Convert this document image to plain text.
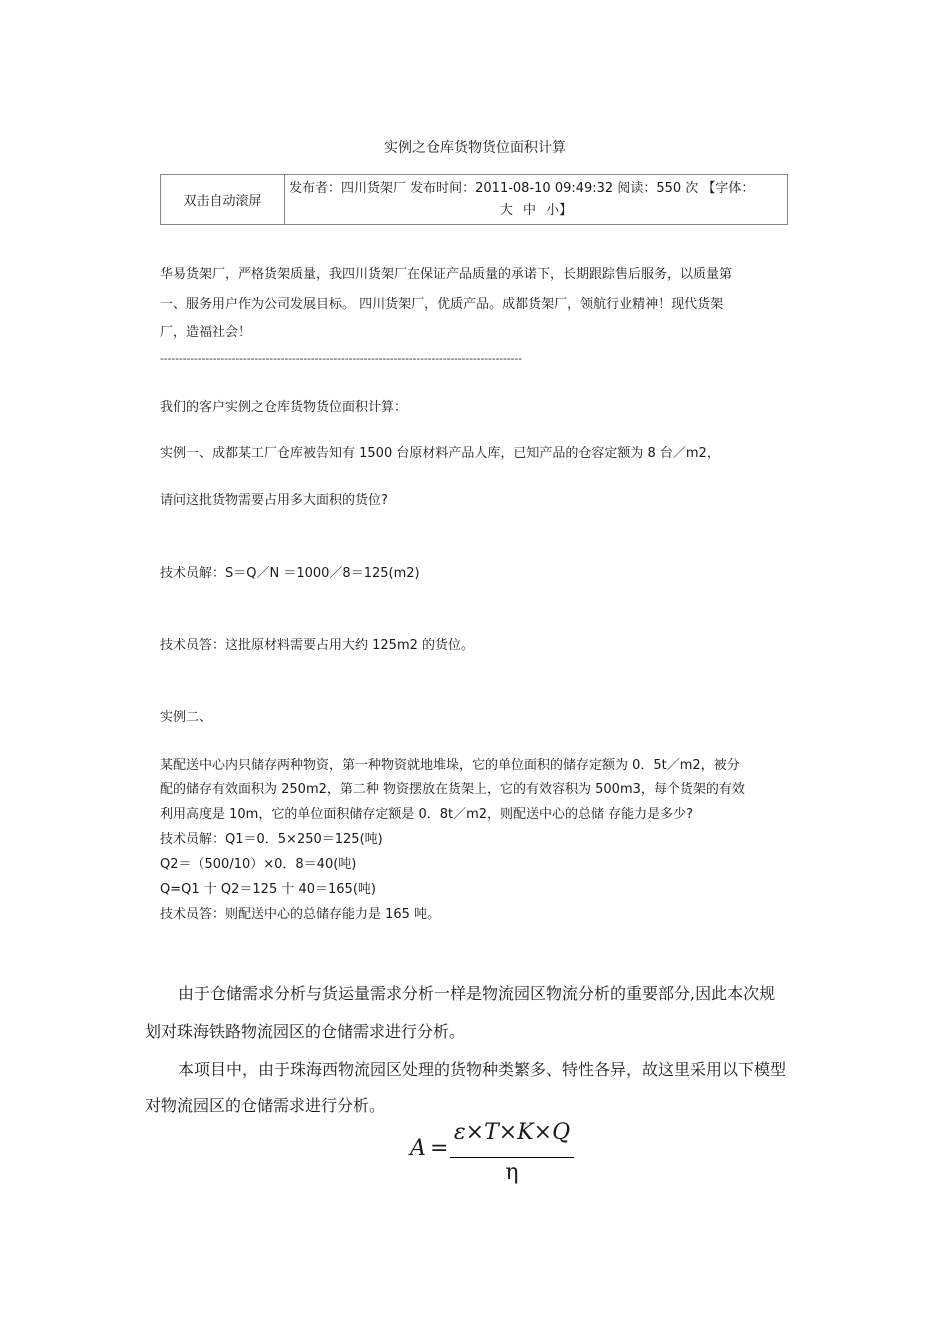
实例之仓库货物货位面积计算
双击自动滚屏
发布者：四川货架厂 发布时间：2011-08-10 09:49:32 阅读：550 次 【字体：
大 中 小】
华易货架厂，严格货架质量，我四川货架厂在保证产品质量的承诺下，长期跟踪售后服务，以质量第
一、服务用户作为公司发展目标。 四川货架厂，优质产品。成都货架厂，领航行业精神！现代货架
厂，造福社会！
------------------------------------------------------------------------------------------------
我们的客户实例之仓库货物货位面积计算：
实例一、成都某工厂仓库被告知有 1500 台原材料产品人库，已知产品的仓容定额为 8 台／m2，
请问这批货物需要占用多大面积的货位?
技术员解：S＝Q／N ＝1000／8＝125(m2)
技术员答：这批原材料需要占用大约 125m2 的货位。
实例二、
某配送中心内只储存两种物资，第一种物资就地堆垛，它的单位面积的储存定额为 0．5t／m2，被分
配的储存有效面积为 250m2，第二种 物资摆放在货架上，它的有效容积为 500m3，每个货架的有效
利用高度是 10m，它的单位面积储存定额是 0．8t／m2，则配送中心的总储 存能力是多少?
技术员解：Q1＝0．5×250＝125(吨)
Q2＝（500/10）×0．8＝40(吨)
Q=Q1 十 Q2＝125 十 40＝165(吨)
技术员答：则配送中心的总储存能力是 165 吨。
由于仓储需求分析与货运量需求分析一样是物流园区物流分析的重要部分,因此本次规
划对珠海铁路物流园区的仓储需求进行分析。
本项目中，由于珠海西物流园区处理的货物种类繁多、特性各异，故这里采用以下模型
对物流园区的仓储需求进行分析。
A =
ε×T×K×Q
η
